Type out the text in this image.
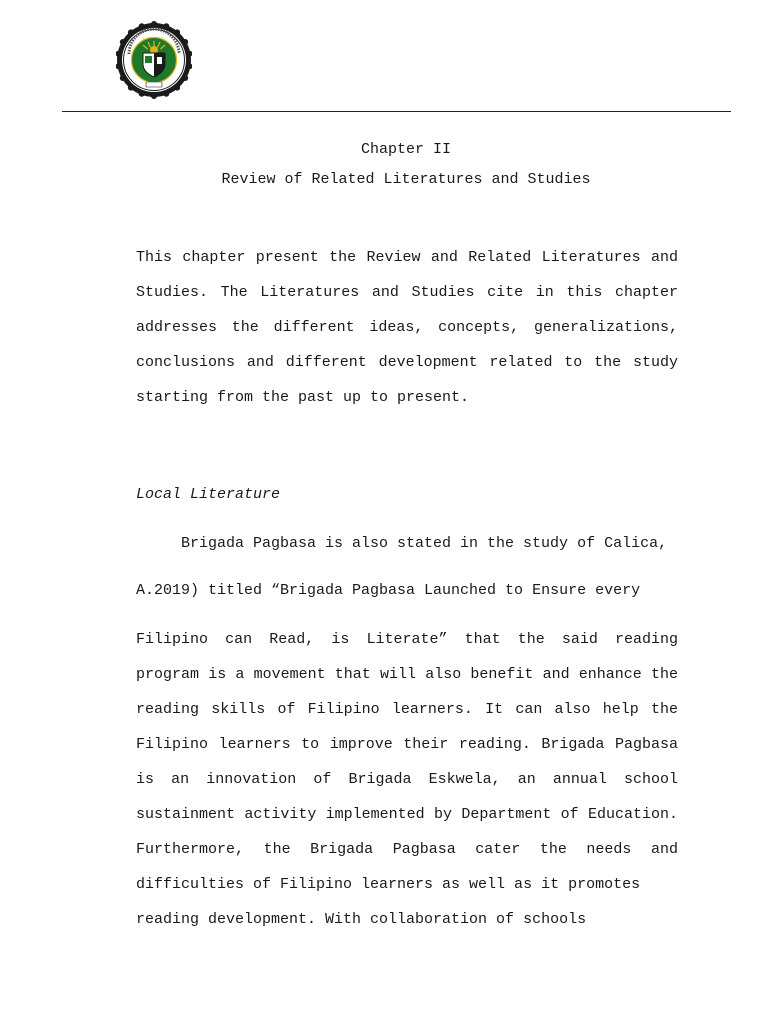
Chapter II
Review of Related Literatures and Studies

This chapter present the Review and Related Literatures and Studies. The Literatures and Studies cite in this chapter addresses the different ideas, concepts, generalizations, conclusions and different development related to the study starting from the past up to present.

Local Literature
Brigada Pagbasa is also stated in the study of Calica,
A.2019) titled “Brigada Pagbasa Launched to Ensure every

Filipino can Read, is Literate” that the said reading program is a movement that will also benefit and enhance the reading skills of Filipino learners. It can also help the Filipino learners to improve their reading. Brigada Pagbasa is an innovation of Brigada Eskwela, an annual school sustainment activity implemented by Department of Education. Furthermore, the Brigada Pagbasa cater the needs and difficulties of Filipino learners as well as it promotes
reading development. With collaboration of schools
